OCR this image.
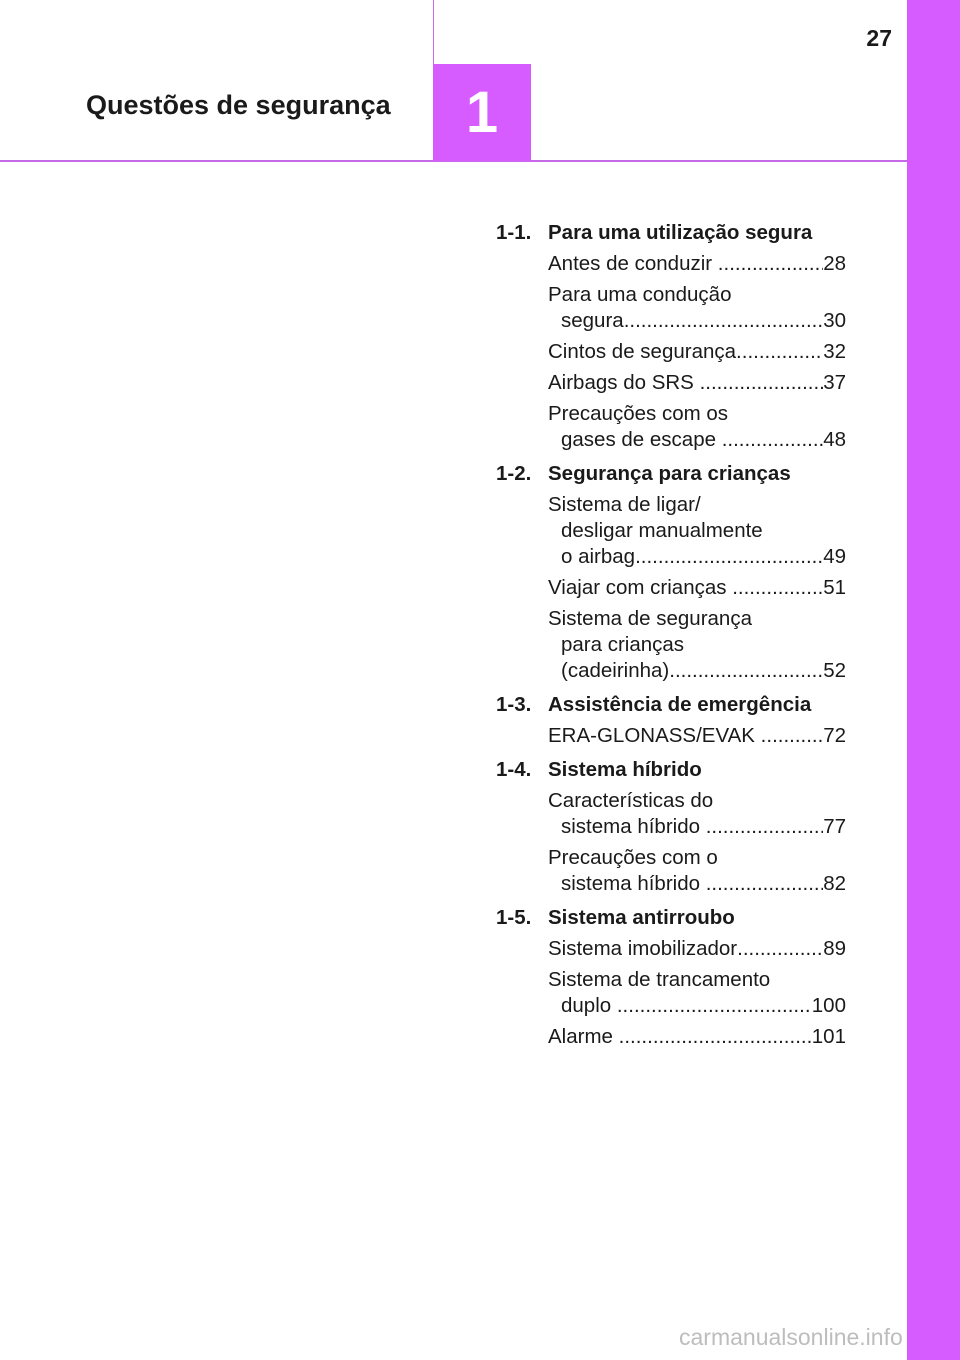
1
Questões de segurança
27
1-1. Para uma utilização segura
Antes de conduzir .....	28
Para uma condução
segura .....	30
Cintos de segurança .....	32
Airbags do SRS .....	37
Precauções com os
gases de escape .....	48
1-2. Segurança para crianças
Sistema de ligar/
desligar manualmente
o airbag .....	49
Viajar com crianças .....	51
Sistema de segurança
para crianças
(cadeirinha) .....	52
1-3. Assistência de emergência
ERA-GLONASS/EVAK .....	72
1-4. Sistema híbrido
Características do
sistema híbrido .....	77
Precauções com o
sistema híbrido .....	82
1-5. Sistema antirroubo
Sistema imobilizador .....	89
Sistema de trancamento
duplo .....	100
Alarme .....	101
carmanualsonline.info
